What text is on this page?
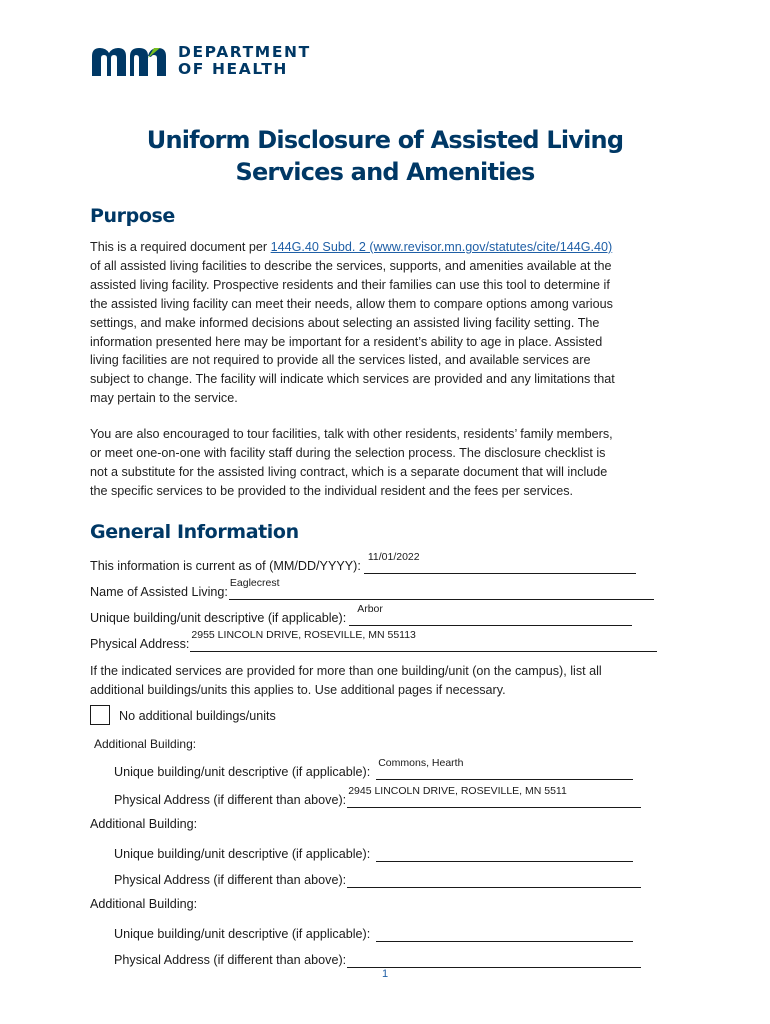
DEPARTMENT
OF HEALTH
Uniform Disclosure of Assisted Living
Services and Amenities
Purpose
This is a required document per 144G.40 Subd. 2 (www.revisor.mn.gov/statutes/cite/144G.40)
of all assisted living facilities to describe the services, supports, and amenities available at the
assisted living facility. Prospective residents and their families can use this tool to determine if
the assisted living facility can meet their needs, allow them to compare options among various
settings, and make informed decisions about selecting an assisted living facility setting. The
information presented here may be important for a resident’s ability to age in place. Assisted
living facilities are not required to provide all the services listed, and available services are
subject to change. The facility will indicate which services are provided and any limitations that
may pertain to the service.
You are also encouraged to tour facilities, talk with other residents, residents’ family members,
or meet one-on-one with facility staff during the selection process. The disclosure checklist is
not a substitute for the assisted living contract, which is a separate document that will include
the specific services to be provided to the individual resident and the fees per services.
General Information
This information is current as of (MM/DD/YYYY):
11/01/2022
Name of Assisted Living:
Eaglecrest
Unique building/unit descriptive (if applicable):
Arbor
Physical Address:
2955 LINCOLN DRIVE, ROSEVILLE, MN 55113
If the indicated services are provided for more than one building/unit (on the campus), list all
additional buildings/units this applies to. Use additional pages if necessary.
No additional buildings/units
Additional Building:
Unique building/unit descriptive (if applicable):
Commons, Hearth
Physical Address (if different than above):
2945 LINCOLN DRIVE, ROSEVILLE, MN 5511
Additional Building:
Unique building/unit descriptive (if applicable):
Physical Address (if different than above):
Additional Building:
Unique building/unit descriptive (if applicable):
Physical Address (if different than above):
1
